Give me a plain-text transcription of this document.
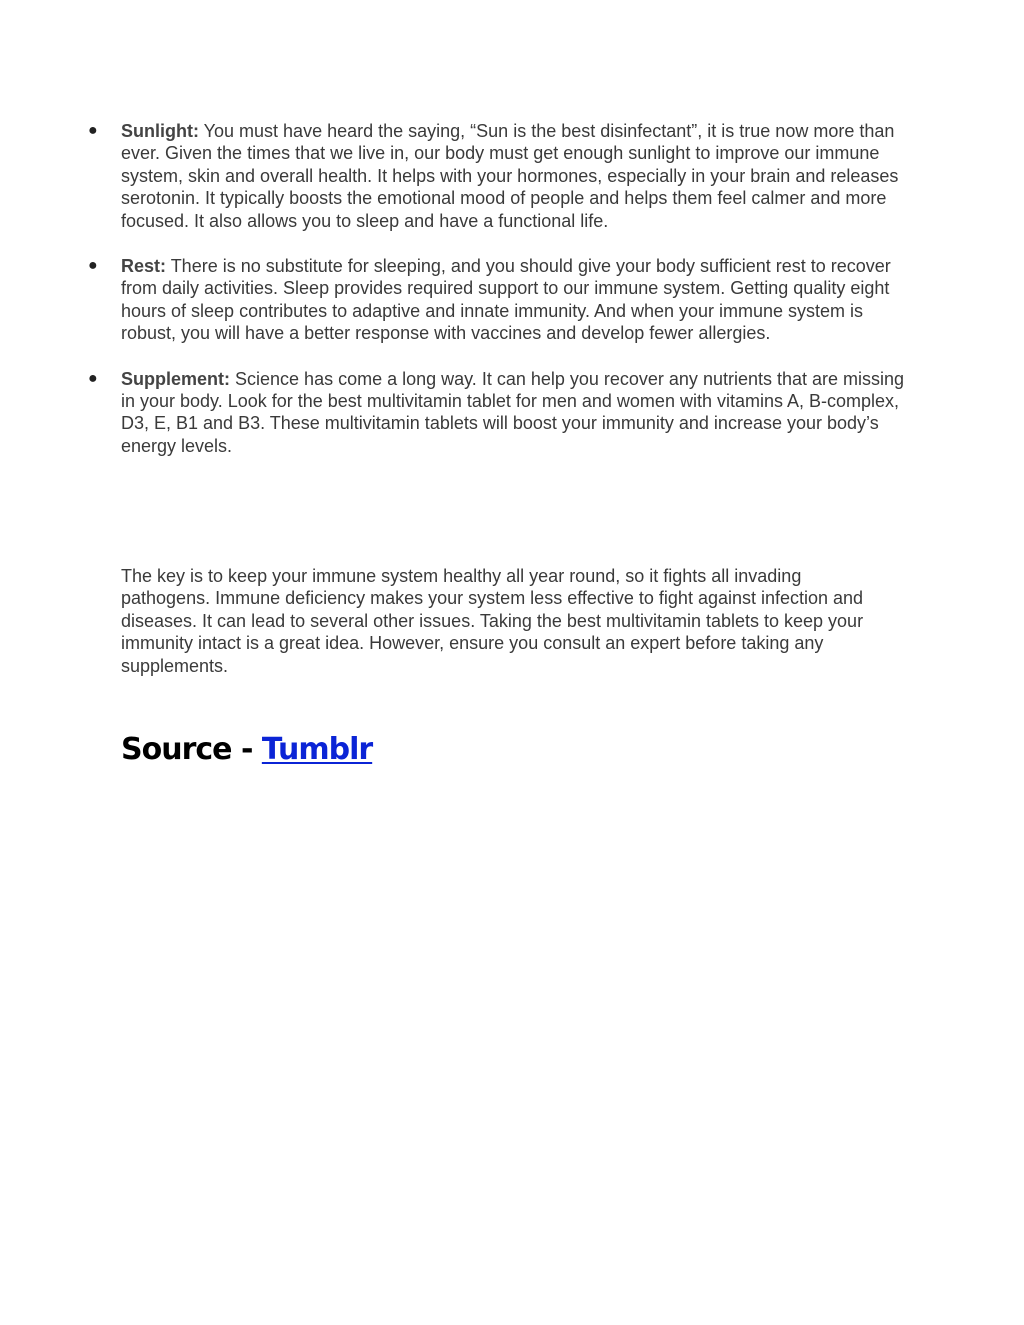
● Sunlight: You must have heard the saying, “Sun is the best disinfectant”, it is true now more than ever. Given the times that we live in, our body must get enough sunlight to improve our immune system, skin and overall health. It helps with your hormones, especially in your brain and releases serotonin. It typically boosts the emotional mood of people and helps them feel calmer and more focused. It also allows you to sleep and have a functional life.
● Rest: There is no substitute for sleeping, and you should give your body sufficient rest to recover from daily activities. Sleep provides required support to our immune system. Getting quality eight hours of sleep contributes to adaptive and innate immunity. And when your immune system is robust, you will have a better response with vaccines and develop fewer allergies.
● Supplement: Science has come a long way. It can help you recover any nutrients that are missing in your body. Look for the best multivitamin tablet for men and women with vitamins A, B-complex, D3, E, B1 and B3. These multivitamin tablets will boost your immunity and increase your body’s energy levels.

The key is to keep your immune system healthy all year round, so it fights all invading pathogens. Immune deficiency makes your system less effective to fight against infection and diseases. It can lead to several other issues. Taking the best multivitamin tablets to keep your immunity intact is a great idea. However, ensure you consult an expert before taking any supplements.

Source - Tumblr
